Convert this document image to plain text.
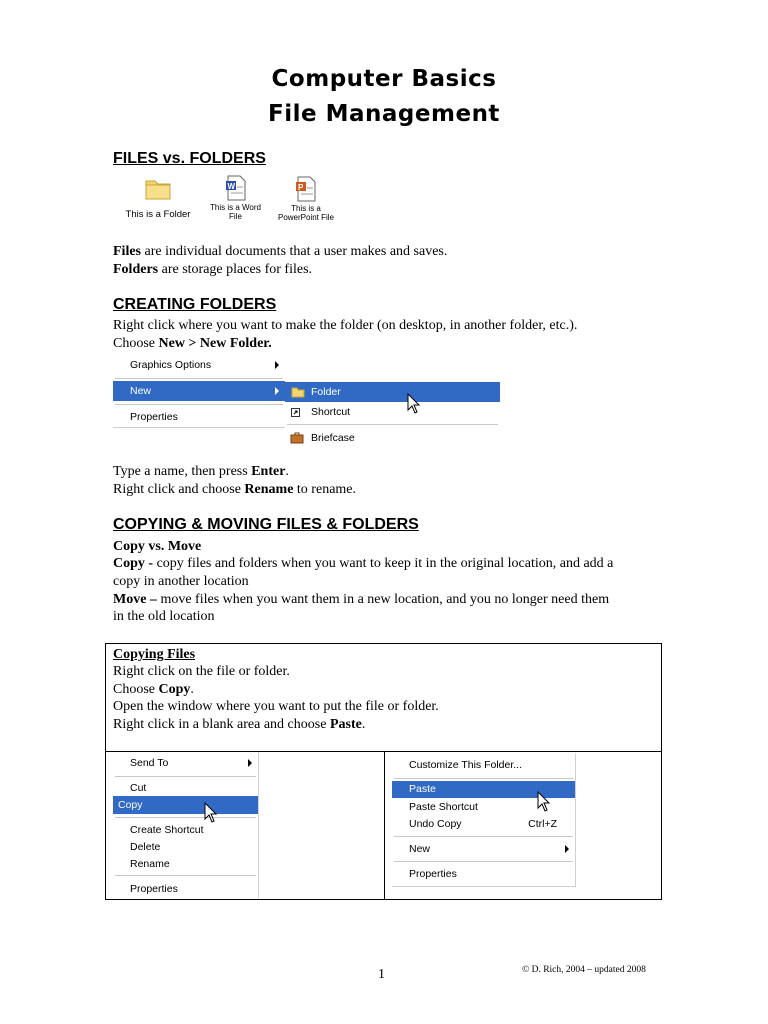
Computer Basics
File Management
FILES vs. FOLDERS
This is a Folder
W
This is a Word File
P
This is a PowerPoint File
Files are individual documents that a user makes and saves.
Folders are storage places for files.
CREATING FOLDERS
Right click where you want to make the folder (on desktop, in another folder, etc.).
Choose New > New Folder.
Graphics Options
New
Properties
Folder
Shortcut
Briefcase
Type a name, then press Enter.
Right click and choose Rename to rename.
COPYING & MOVING FILES & FOLDERS
Copy vs. Move
Copy - copy files and folders when you want to keep it in the original location, and add a
copy in another location
Move – move files when you want them in a new location, and you no longer need them
in the old location
Copying Files
Right click on the file or folder.
Choose Copy.
Open the window where you want to put the file or folder.
Right click in a blank area and choose Paste.
Send To
Cut
Copy
Create Shortcut
Delete
Rename
Properties
Customize This Folder...
Paste
Paste Shortcut
Undo Copy	Ctrl+Z
New
Properties
1	© D. Rich, 2004 – updated 2008
